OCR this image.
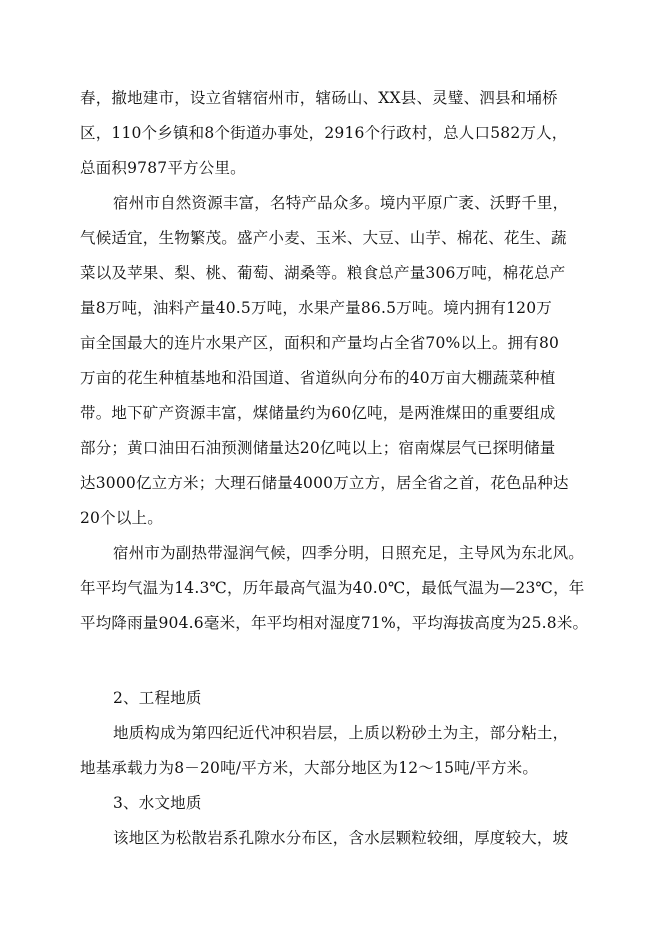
春，撤地建市，设立省辖宿州市，辖砀山、XX县、灵璧、泗县和埇桥
区，110个乡镇和8个街道办事处，2916个行政村，总人口582万人，
总面积9787平方公里。
宿州市自然资源丰富，名特产品众多。境内平原广袤、沃野千里，
气候适宜，生物繁茂。盛产小麦、玉米、大豆、山芋、棉花、花生、蔬
菜以及苹果、梨、桃、葡萄、湖桑等。粮食总产量306万吨，棉花总产
量8万吨，油料产量40.5万吨，水果产量86.5万吨。境内拥有120万
亩全国最大的连片水果产区，面积和产量均占全省70%以上。拥有80
万亩的花生种植基地和沿国道、省道纵向分布的40万亩大棚蔬菜种植
带。地下矿产资源丰富，煤储量约为60亿吨，是两淮煤田的重要组成
部分；黄口油田石油预测储量达20亿吨以上；宿南煤层气已探明储量
达3000亿立方米；大理石储量4000万立方，居全省之首，花色品种达
20个以上。
宿州市为副热带湿润气候，四季分明，日照充足，主导风为东北风。
年平均气温为14.3℃，历年最高气温为40.0℃，最低气温为—23℃，年
平均降雨量904.6毫米，年平均相对湿度71%，平均海拔高度为25.8米。
2、工程地质
地质构成为第四纪近代冲积岩层，上质以粉砂土为主，部分粘土，
地基承载力为8－20吨/平方米，大部分地区为12～15吨/平方米。
3、水文地质
该地区为松散岩系孔隙水分布区，含水层颗粒较细，厚度较大，坡
